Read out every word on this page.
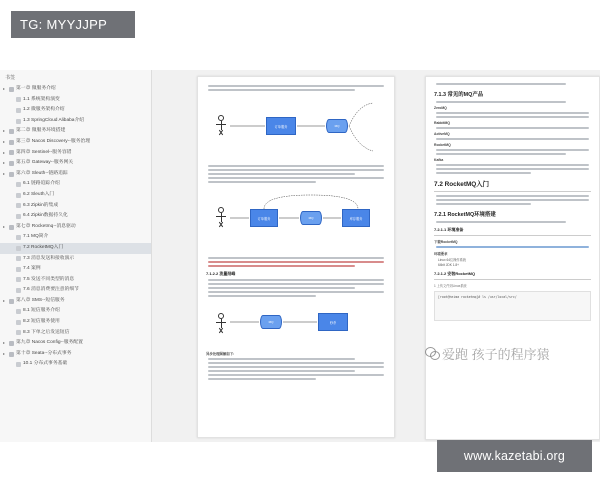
书签
▸	第一章 微服务介绍
1.1 系统架构演变
1.2 微服务架构介绍
1.3 SpringCloud Alibaba介绍
▸	第二章 微服务环境搭建
▸	第三章 Nacos Discovery--服务治理
▸	第四章 Sentinel--服务容错
▸	第五章 Gateway--服务网关
▸	第六章 Sleuth--链路追踪
6.1 链路追踪介绍
6.2 Sleuth入门
6.3 Zipkin的集成
6.4 Zipkin数据持久化
▸	第七章 Rocketmq--消息驱动
7.1 MQ简介
7.2 RocketMQ入门
7.3 消息发送和接收演示
7.4 案例
7.5 发送不同类型的消息
7.6 消息消费要注意的细节
▸	第八章 SMS--短信服务
8.1 短信服务介绍
8.2 短信服务使用
8.3 下单之后发送短信
▸	第九章 Nacos Config--服务配置
▸	第十章 Seata--分布式事务
10.1 分布式事务基础
订单服务	MQ
订单服务	MQ	库存服务
7.1.2.2 流量削峰
MQ	秒杀
异步处理图解如下:
7.1.3 常见的MQ产品
ZeroMQ
RabbitMQ
ActiveMQ
RocketMQ
Kafka
7.2 RocketMQ入门
7.2.1 RocketMQ环境搭建
7.2.1.1 环境准备
下载RocketMQ
环境要求
Linux 64位操作系统
64bit JDK 1.8+
7.2.1.2 安装RocketMQ
1 上传文件到Linux系统
[root@heima rocketmq]# ls /usr/local/src/
TG: MYYJJPP
爱跑 孩子的程序猿
www.kazetabi.org
